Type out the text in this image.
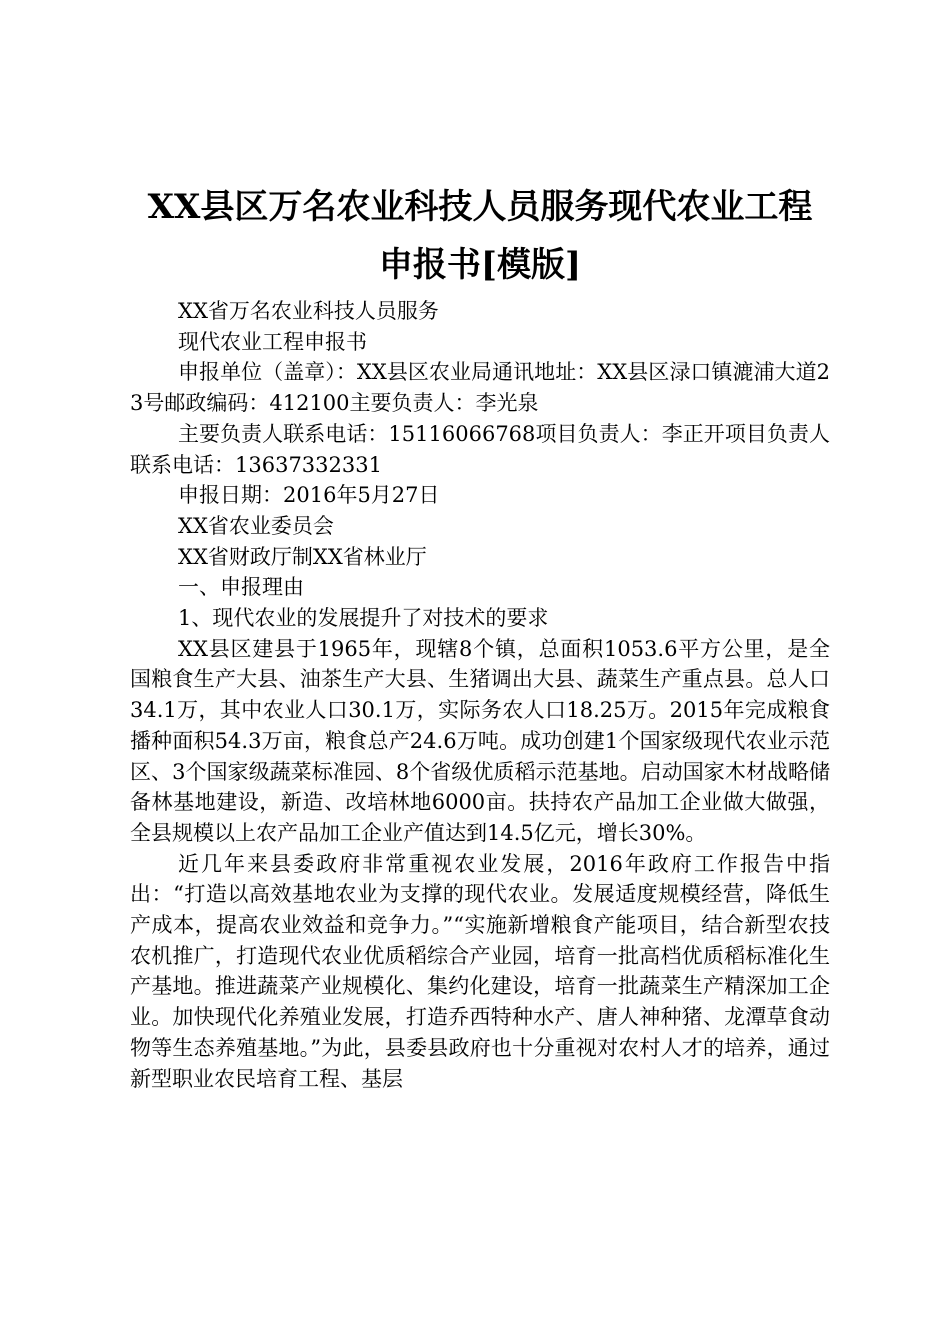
XX县区万名农业科技人员服务现代农业工程
申报书[模版]

XX省万名农业科技人员服务

现代农业工程申报书

申报单位（盖章）：XX县区农业局通讯地址：XX县区渌口镇漉浦大道23号邮政编码：412100主要负责人：李光泉

主要负责人联系电话：15116066768项目负责人：李正开项目负责人联系电话：13637332331

申报日期：2016年5月27日

XX省农业委员会

XX省财政厅制XX省林业厅

一、申报理由

1、现代农业的发展提升了对技术的要求

XX县区建县于1965年，现辖8个镇，总面积1053.6平方公里，是全国粮食生产大县、油茶生产大县、生猪调出大县、蔬菜生产重点县。总人口34.1万，其中农业人口30.1万，实际务农人口18.25万。2015年完成粮食播种面积54.3万亩，粮食总产24.6万吨。成功创建1个国家级现代农业示范区、3个国家级蔬菜标准园、8个省级优质稻示范基地。启动国家木材战略储备林基地建设，新造、改培林地6000亩。扶持农产品加工企业做大做强，全县规模以上农产品加工企业产值达到14.5亿元，增长30%。

近几年来县委政府非常重视农业发展，2016年政府工作报告中指出：“打造以高效基地农业为支撑的现代农业。发展适度规模经营，降低生产成本，提高农业效益和竞争力。”“实施新增粮食产能项目，结合新型农技农机推广，打造现代农业优质稻综合产业园，培育一批高档优质稻标准化生产基地。推进蔬菜产业规模化、集约化建设，培育一批蔬菜生产精深加工企业。加快现代化养殖业发展，打造乔西特种水产、唐人神种猪、龙潭草食动物等生态养殖基地。”为此，县委县政府也十分重视对农村人才的培养，通过新型职业农民培育工程、基层
